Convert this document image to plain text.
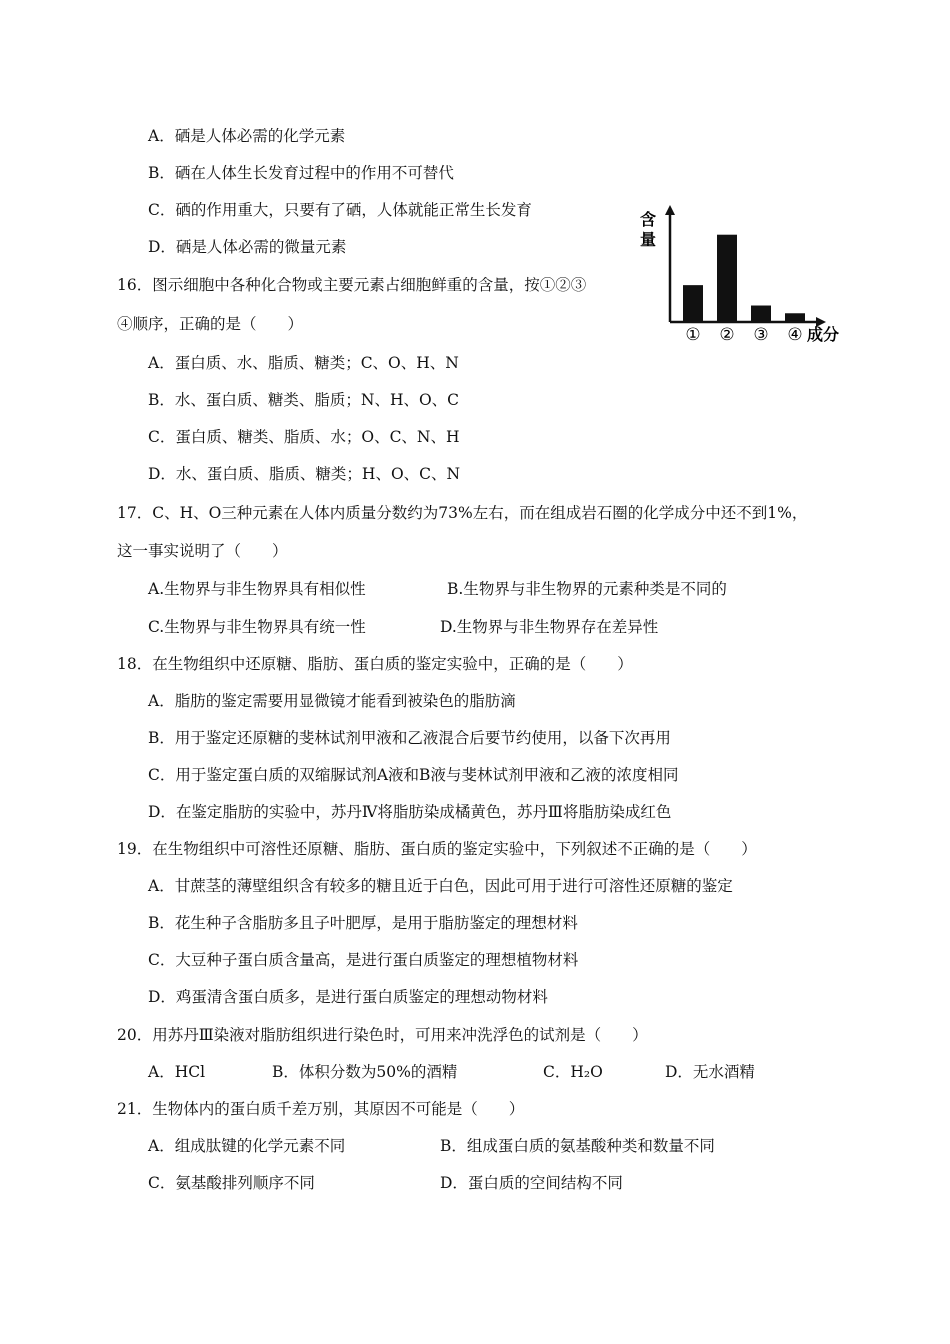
A．硒是人体必需的化学元素
B．硒在人体生长发育过程中的作用不可替代
C．硒的作用重大，只要有了硒，人体就能正常生长发育
D．硒是人体必需的微量元素
含
量
① ② ③ ④ 成分
16．图示细胞中各种化合物或主要元素占细胞鲜重的含量，按①②③
④顺序，正确的是（　　）
A．蛋白质、水、脂质、糖类；C、O、H、N
B．水、蛋白质、糖类、脂质；N、H、O、C
C．蛋白质、糖类、脂质、水；O、C、N、H
D．水、蛋白质、脂质、糖类；H、O、C、N
17．C、H、O三种元素在人体内质量分数约为73%左右，而在组成岩石圈的化学成分中还不到1%，
这一事实说明了（　　）
A.生物界与非生物界具有相似性	B.生物界与非生物界的元素种类是不同的
C.生物界与非生物界具有统一性	D.生物界与非生物界存在差异性
18．在生物组织中还原糖、脂肪、蛋白质的鉴定实验中，正确的是（　　）
A．脂肪的鉴定需要用显微镜才能看到被染色的脂肪滴
B．用于鉴定还原糖的斐林试剂甲液和乙液混合后要节约使用，以备下次再用
C．用于鉴定蛋白质的双缩脲试剂A液和B液与斐林试剂甲液和乙液的浓度相同
D．在鉴定脂肪的实验中，苏丹Ⅳ将脂肪染成橘黄色，苏丹Ⅲ将脂肪染成红色
19．在生物组织中可溶性还原糖、脂肪、蛋白质的鉴定实验中，下列叙述不正确的是（　　）
A．甘蔗茎的薄壁组织含有较多的糖且近于白色，因此可用于进行可溶性还原糖的鉴定
B．花生种子含脂肪多且子叶肥厚，是用于脂肪鉴定的理想材料
C．大豆种子蛋白质含量高，是进行蛋白质鉴定的理想植物材料
D．鸡蛋清含蛋白质多，是进行蛋白质鉴定的理想动物材料
20．用苏丹Ⅲ染液对脂肪组织进行染色时，可用来冲洗浮色的试剂是（　　）
A．HCl	B．体积分数为50%的酒精	C．H₂O	D．无水酒精
21．生物体内的蛋白质千差万别，其原因不可能是（　　）
A．组成肽键的化学元素不同	B．组成蛋白质的氨基酸种类和数量不同
C．氨基酸排列顺序不同	D．蛋白质的空间结构不同
